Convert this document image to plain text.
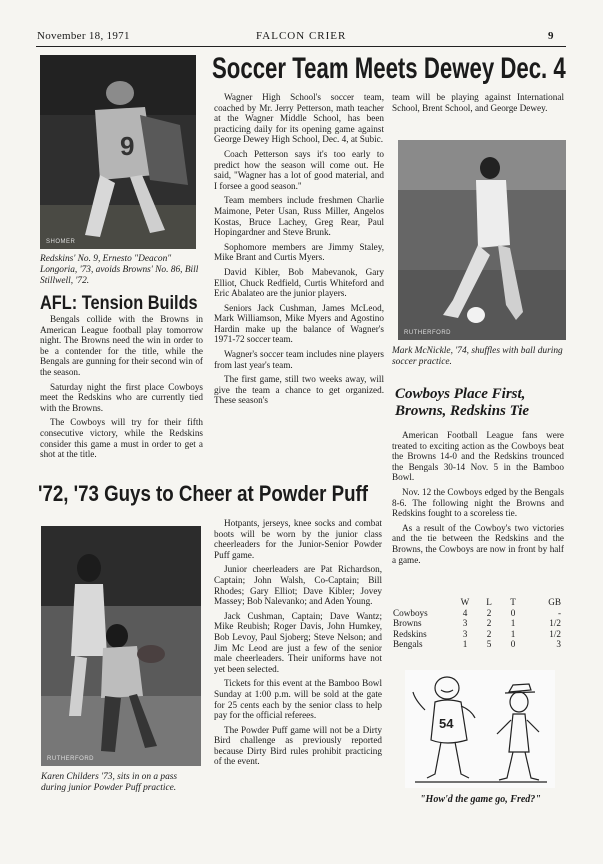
November 18, 1971	FALCON CRIER	9
9
SHOMER
Redskins' No. 9, Ernesto "Deacon" Longoria, '73, avoids Browns' No. 86, Bill Stillwell, '72.
AFL: Tension Builds

Bengals collide with the Browns in American League football play tomorrow night. The Browns need the win in order to be a contender for the title, while the Bengals are gunning for their second win of the season.

Saturday night the first place Cowboys meet the Redskins who are currently tied with the Browns.

The Cowboys will try for their fifth consecutive victory, while the Redskins consider this game a must in order to get a shot at the title.

Soccer Team Meets Dewey Dec. 4

Wagner High School's soccer team, coached by Mr. Jerry Petterson, math teacher at the Wagner Middle School, has been practicing daily for its opening game against George Dewey High School, Dec. 4, at Subic.

Coach Petterson says it's too early to predict how the season will come out. He said, "Wagner has a lot of good material, and I forsee a good season."

Team members include freshmen Charlie Maimone, Peter Usan, Russ Miller, Angelos Kostas, Bruce Lachey, Greg Rear, Paul Hopingardner and Steve Brunk.

Sophomore members are Jimmy Staley, Mike Brant and Curtis Myers.

David Kibler, Bob Mabevanok, Gary Elliot, Chuck Redfield, Curtis Whiteford and Eric Abalateo are the junior players.

Seniors Jack Cushman, James McLeod, Mark Williamson, Mike Myers and Agostino Hardin make up the balance of Wagner's 1971-72 soccer team.

Wagner's soccer team includes nine players from last year's team.

The first game, still two weeks away, will give the team a chance to get organized. These season's

team will be playing against International School, Brent School, and George Dewey.

RUTHERFORD
Mark McNickle, '74, shuffles with ball during soccer practice.
Cowboys Place First,
Browns, Redskins Tie

American Football League fans were treated to exciting action as the Cowboys beat the Browns 14-0 and the Redskins trounced the Bengals 30-14 Nov. 5 in the Bamboo Bowl.

Nov. 12 the Cowboys edged by the Bengals 8-6. The following night the Browns and Redskins fought to a scoreless tie.

As a result of the Cowboy's two victories and the tie between the Redskins and the Browns, the Cowboys are now in front by half a game.

	W	L	T	GB
Cowboys	4	2	0	-
Browns	3	2	1	1/2
Redskins	3	2	1	1/2
Bengals	1	5	0	3
54
"How'd the game go, Fred?"
'72, '73 Guys to Cheer at Powder Puff
RUTHERFORD
Karen Childers '73, sits in on a pass during junior Powder Puff practice.

Hotpants, jerseys, knee socks and combat boots will be worn by the junior class cheerleaders for the Junior-Senior Powder Puff game.

Junior cheerleaders are Pat Richardson, Captain; John Walsh, Co-Captain; Bill Rhodes; Gary Elliot; Dave Kibler; Jovey Massey; Bob Nalevanko; and Aden Young.

Jack Cushman, Captain; Dave Wantz; Mike Reubish; Roger Davis, John Humkey, Bob Levoy, Paul Sjoberg; Steve Nelson; and Jim Mc Leod are just a few of the senior male cheerleaders. Their uniforms have not yet been selected.

Tickets for this event at the Bamboo Bowl Sunday at 1:00 p.m. will be sold at the gate for 25 cents each by the senior class to help pay for the official referees.

The Powder Puff game will not be a Dirty Bird challenge as previously reported because Dirty Bird rules prohibit practicing of the event.
